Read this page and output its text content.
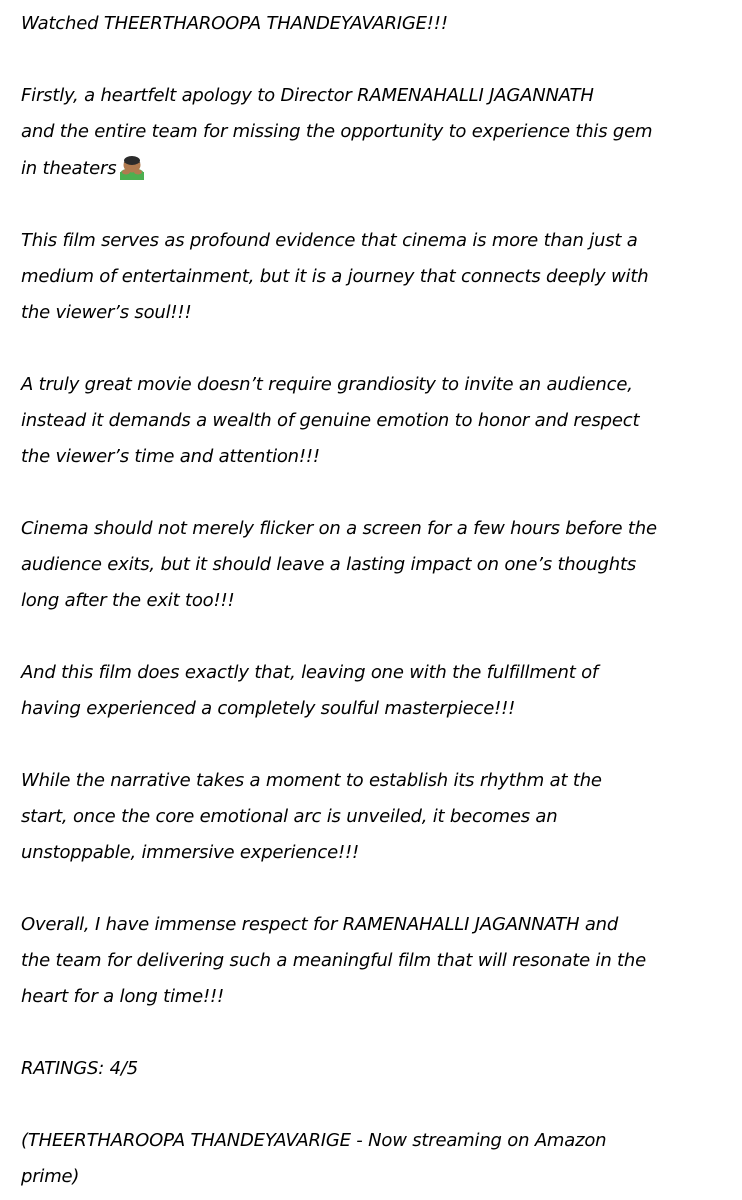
Watched THEERTHAROOPA THANDEYAVARIGE!!!

Firstly, a heartfelt apology to Director RAMENAHALLI JAGANNATH
and the entire team for missing the opportunity to experience this gem
in theaters

This film serves as profound evidence that cinema is more than just a
medium of entertainment, but it is a journey that connects deeply with
the viewer’s soul!!!

A truly great movie doesn’t require grandiosity to invite an audience,
instead it demands a wealth of genuine emotion to honor and respect
the viewer’s time and attention!!!

Cinema should not merely flicker on a screen for a few hours before the
audience exits, but it should leave a lasting impact on one’s thoughts
long after the exit too!!!

And this film does exactly that, leaving one with the fulfillment of
having experienced a completely soulful masterpiece!!!

While the narrative takes a moment to establish its rhythm at the
start, once the core emotional arc is unveiled, it becomes an
unstoppable, immersive experience!!!

Overall, I have immense respect for RAMENAHALLI JAGANNATH and
the team for delivering such a meaningful film that will resonate in the
heart for a long time!!!

RATINGS: 4/5

(THEERTHAROOPA THANDEYAVARIGE - Now streaming on Amazon
prime)
